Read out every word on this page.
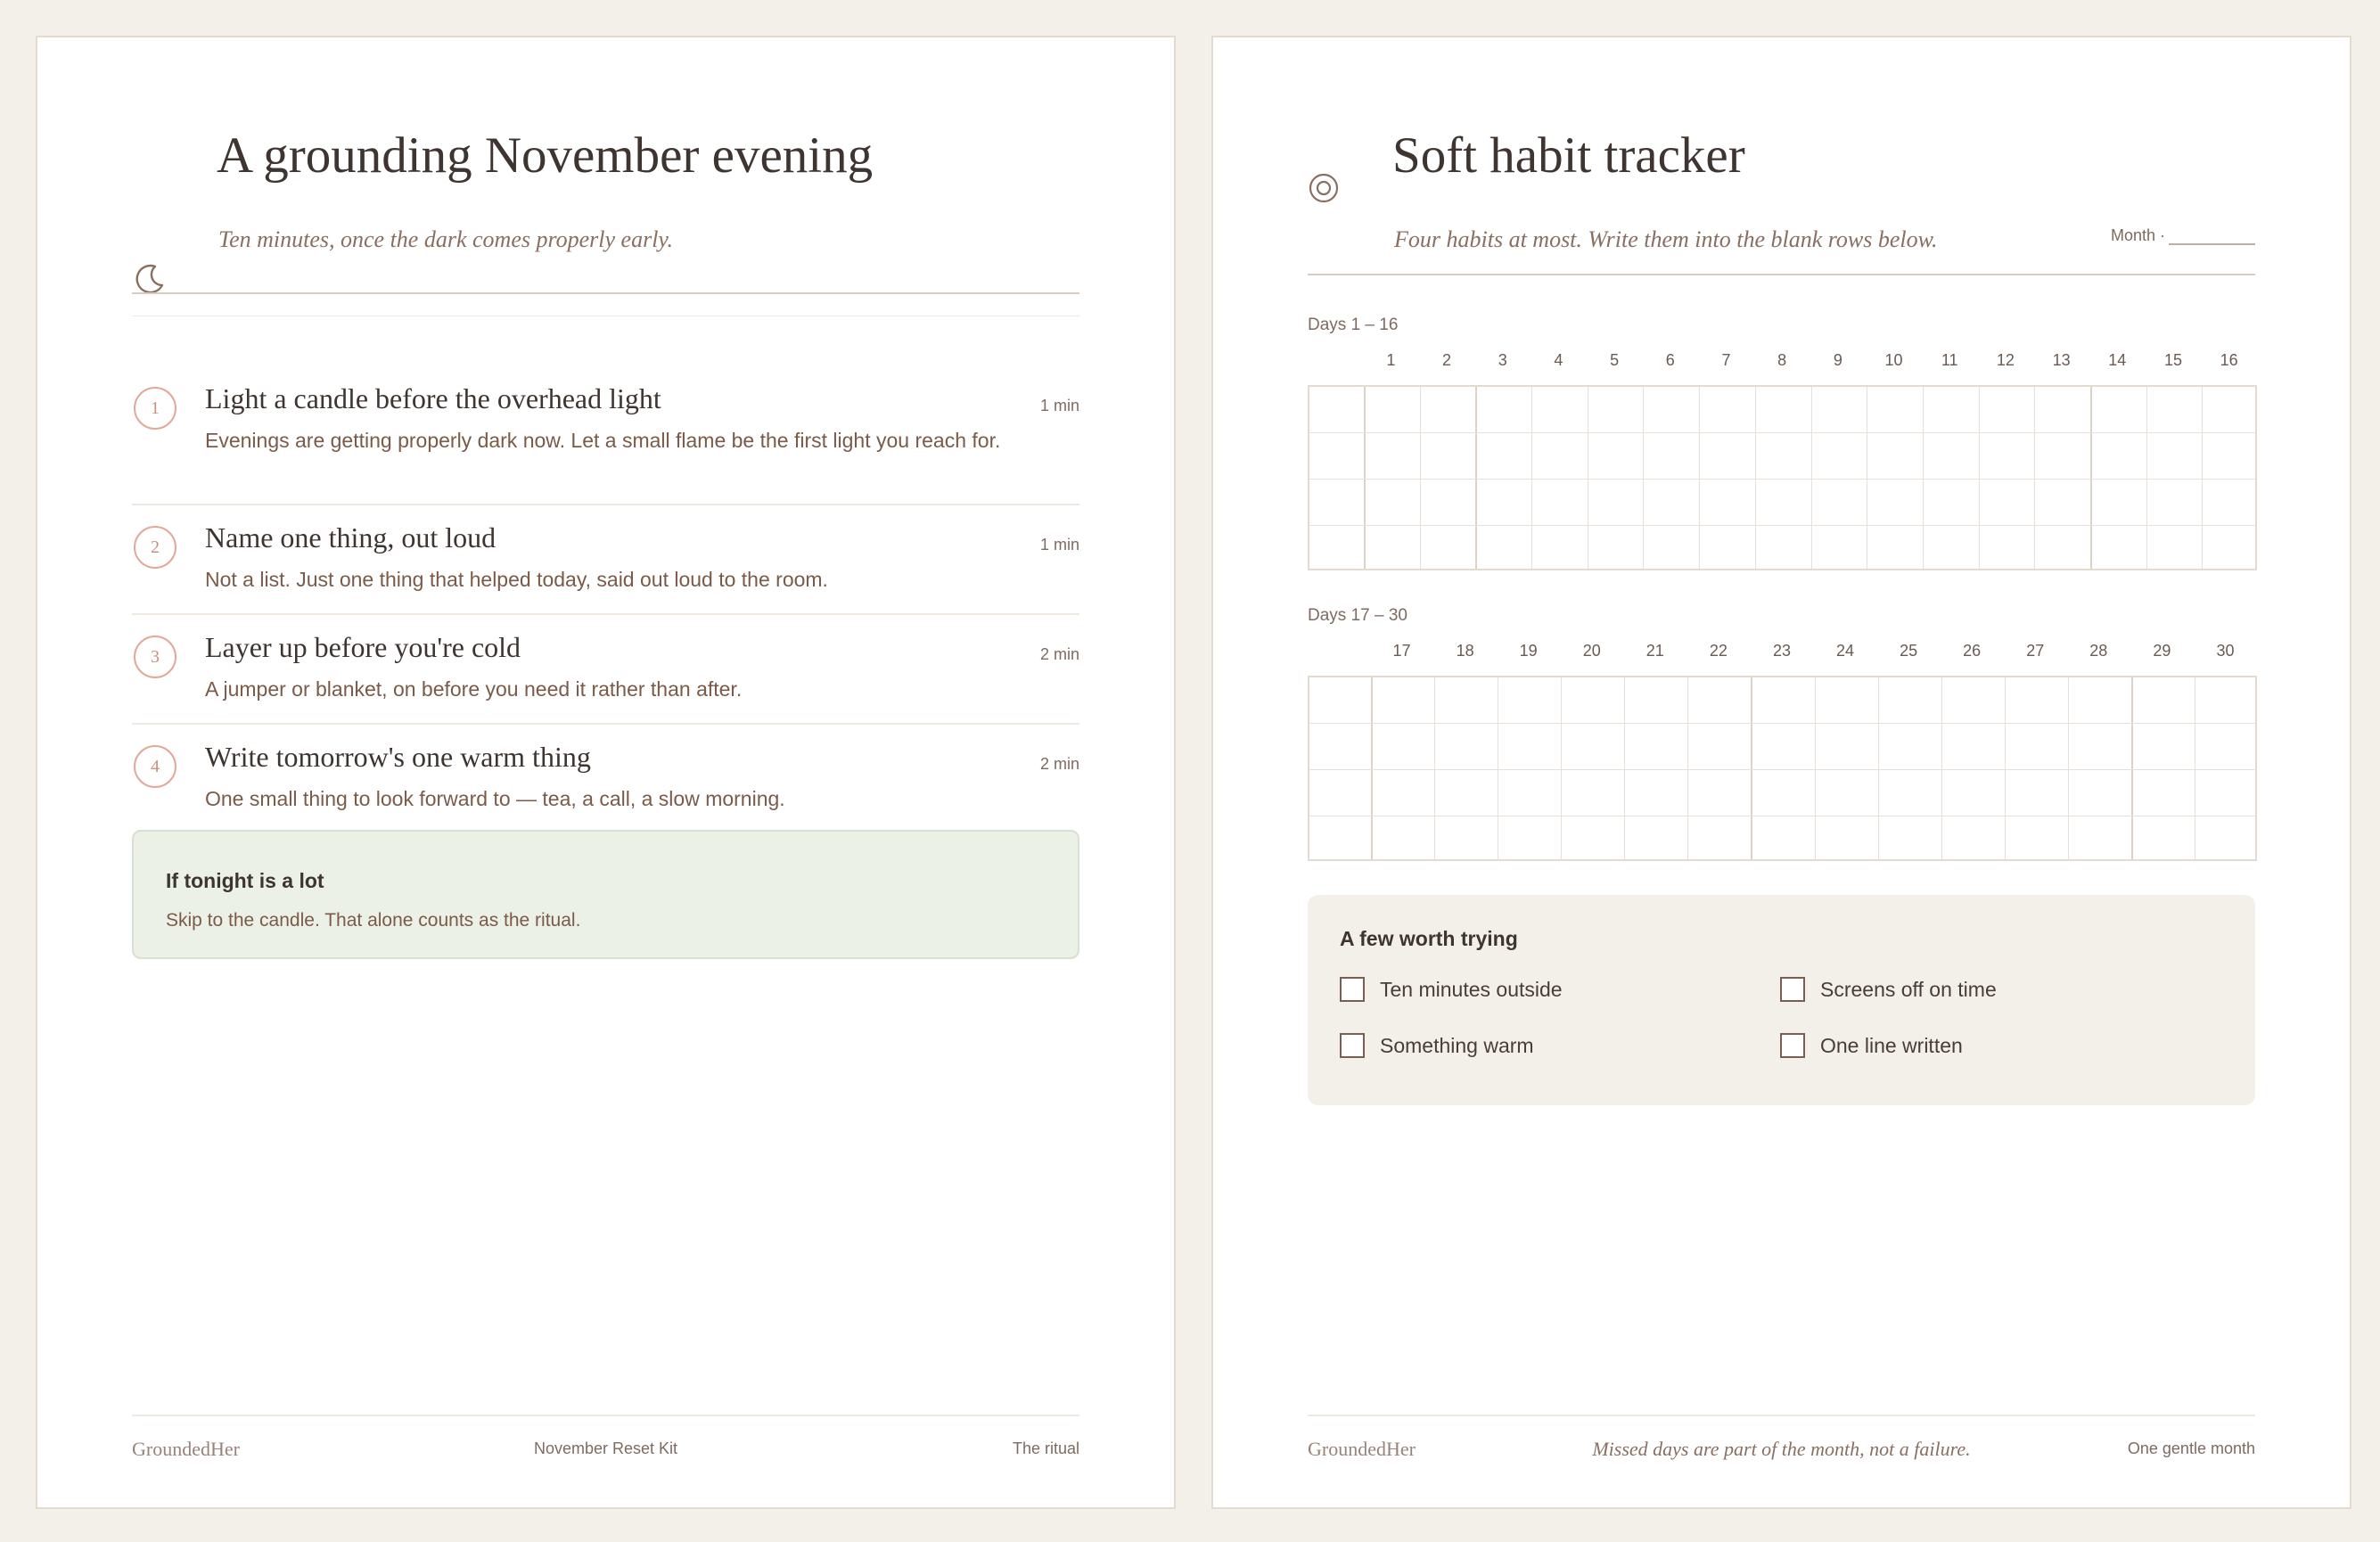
A grounding November evening
Ten minutes, once the dark comes properly early.
1	Light a candle before the overhead light	1 min
Evenings are getting properly dark now. Let a small flame be the first light you reach for.
2	Name one thing, out loud	1 min
Not a list. Just one thing that helped today, said out loud to the room.
3	Layer up before you're cold	2 min
A jumper or blanket, on before you need it rather than after.
4	Write tomorrow's one warm thing	2 min
One small thing to look forward to — tea, a call, a slow morning.
If tonight is a lot
Skip to the candle. That alone counts as the ritual.
GroundedHer	November Reset Kit	The ritual
Soft habit tracker
Four habits at most. Write them into the blank rows below.	Month ·
Days 1 – 16
Days 17 – 30
A few worth trying
Ten minutes outside	Screens off on time
Something warm	One line written
GroundedHer	Missed days are part of the month, not a failure.	One gentle month
1	2	3	4	5	6	7	8	9	10	11	12	13	14	15	16
17	18	19	20	21	22	23	24	25	26	27	28	29	30
